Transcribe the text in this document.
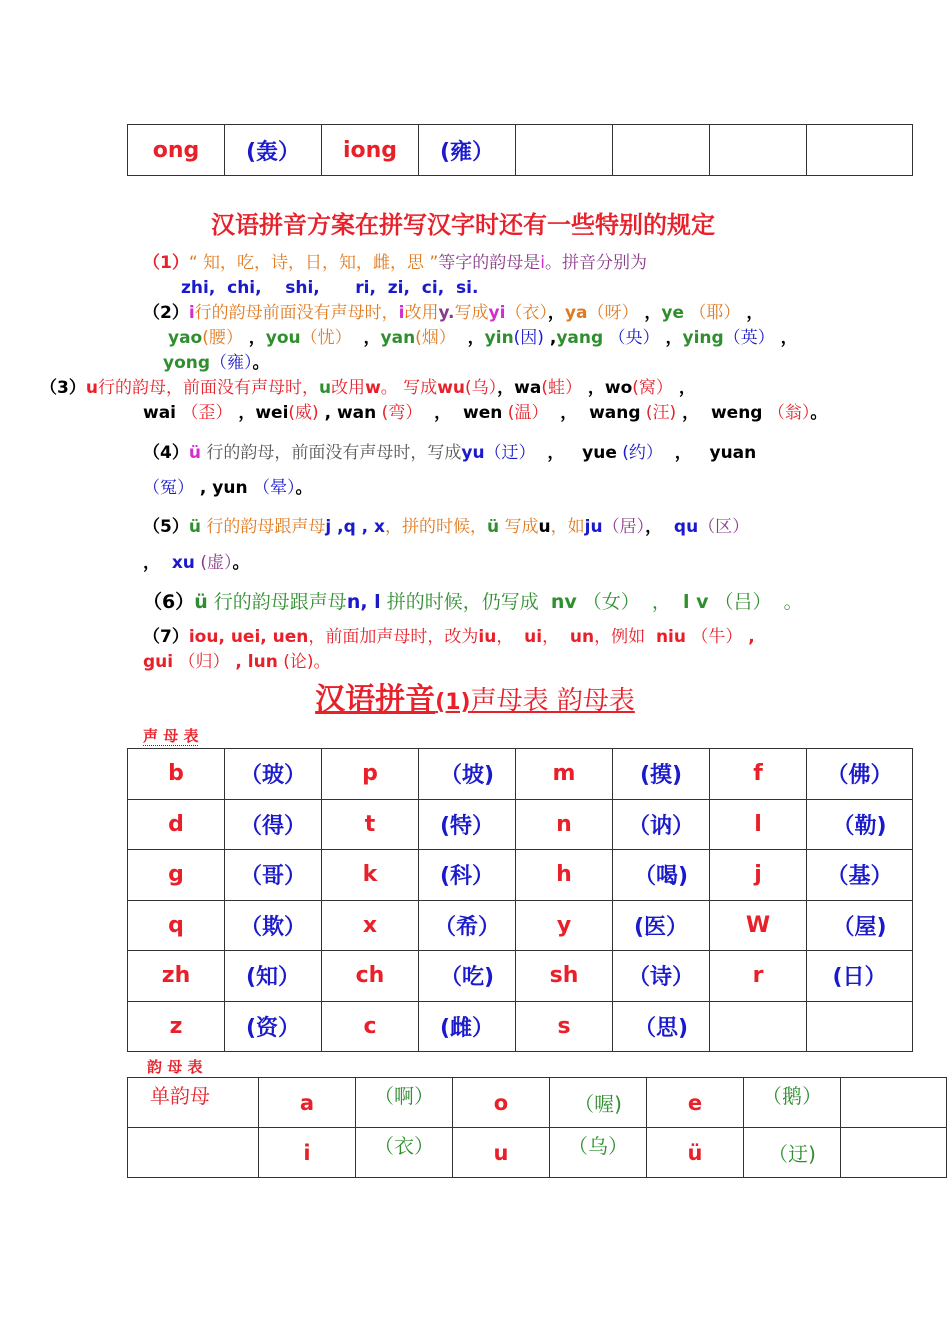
ong	(轰）	iong	(雍）				
汉语拼音方案在拼写汉字时还有一些特别的规定
（1）“ 知，吃，诗，日，知，雌，思 ”等字的韵母是i。拼音分别为
zhi,  chi,    shi,      ri,  zi,  ci,  si.
（2）i行的韵母前面没有声母时，i改用y.写成yi（衣），ya（呀） ，ye （耶） ，
yao(腰） ，you（忧）  ，yan(烟）  ，yin(因) ,yang （央） ，ying（英） ，
yong（雍）。
（3）u行的韵母，前面没有声母时，u改用w。 写成wu(乌），wa(蛙） ，wo(窝） ，
wai （歪） ，wei(威) , wan (弯）  ，  wen (温）  ，  wang (汪) ，  weng （翁）。
（4）ü 行的韵母，前面没有声母时，写成yu（迂）  ，   yue (约）  ，   yuan
（冤） , yun （晕）。
（5）ü 行的韵母跟声母j ,q , x，拼的时候，ü 写成u，如ju（居），  qu（区）
，  xu (虚）。
（6）ü 行的韵母跟声母n, l 拼的时候，仍写成  nv （女）  ，  l v （吕）  。
（7）iou, uei, uen，前面加声母时，改为iu，  ui，  un，例如  niu （牛） ,
gui （归） , lun (论)。
汉语拼音(1)声母表 韵母表
声 母 表
b	（玻）	p	（坡)	m	(摸)	f	（佛）
d	（得）	t	(特）	n	（讷）	l	（勒)
g	（哥）	k	(科）	h	（喝)	j	（基）
q	（欺）	x	（希）	y	(医）	W	（屋)
zh	(知）	ch	（吃)	sh	（诗）	r	(日）
z	(资）	c	(雌）	s	（思)		
韵 母 表
单韵母	a	（啊）	o	（喔)	e	（鹅）	
	i	（衣）	u	（乌）	ü	（迂)	
